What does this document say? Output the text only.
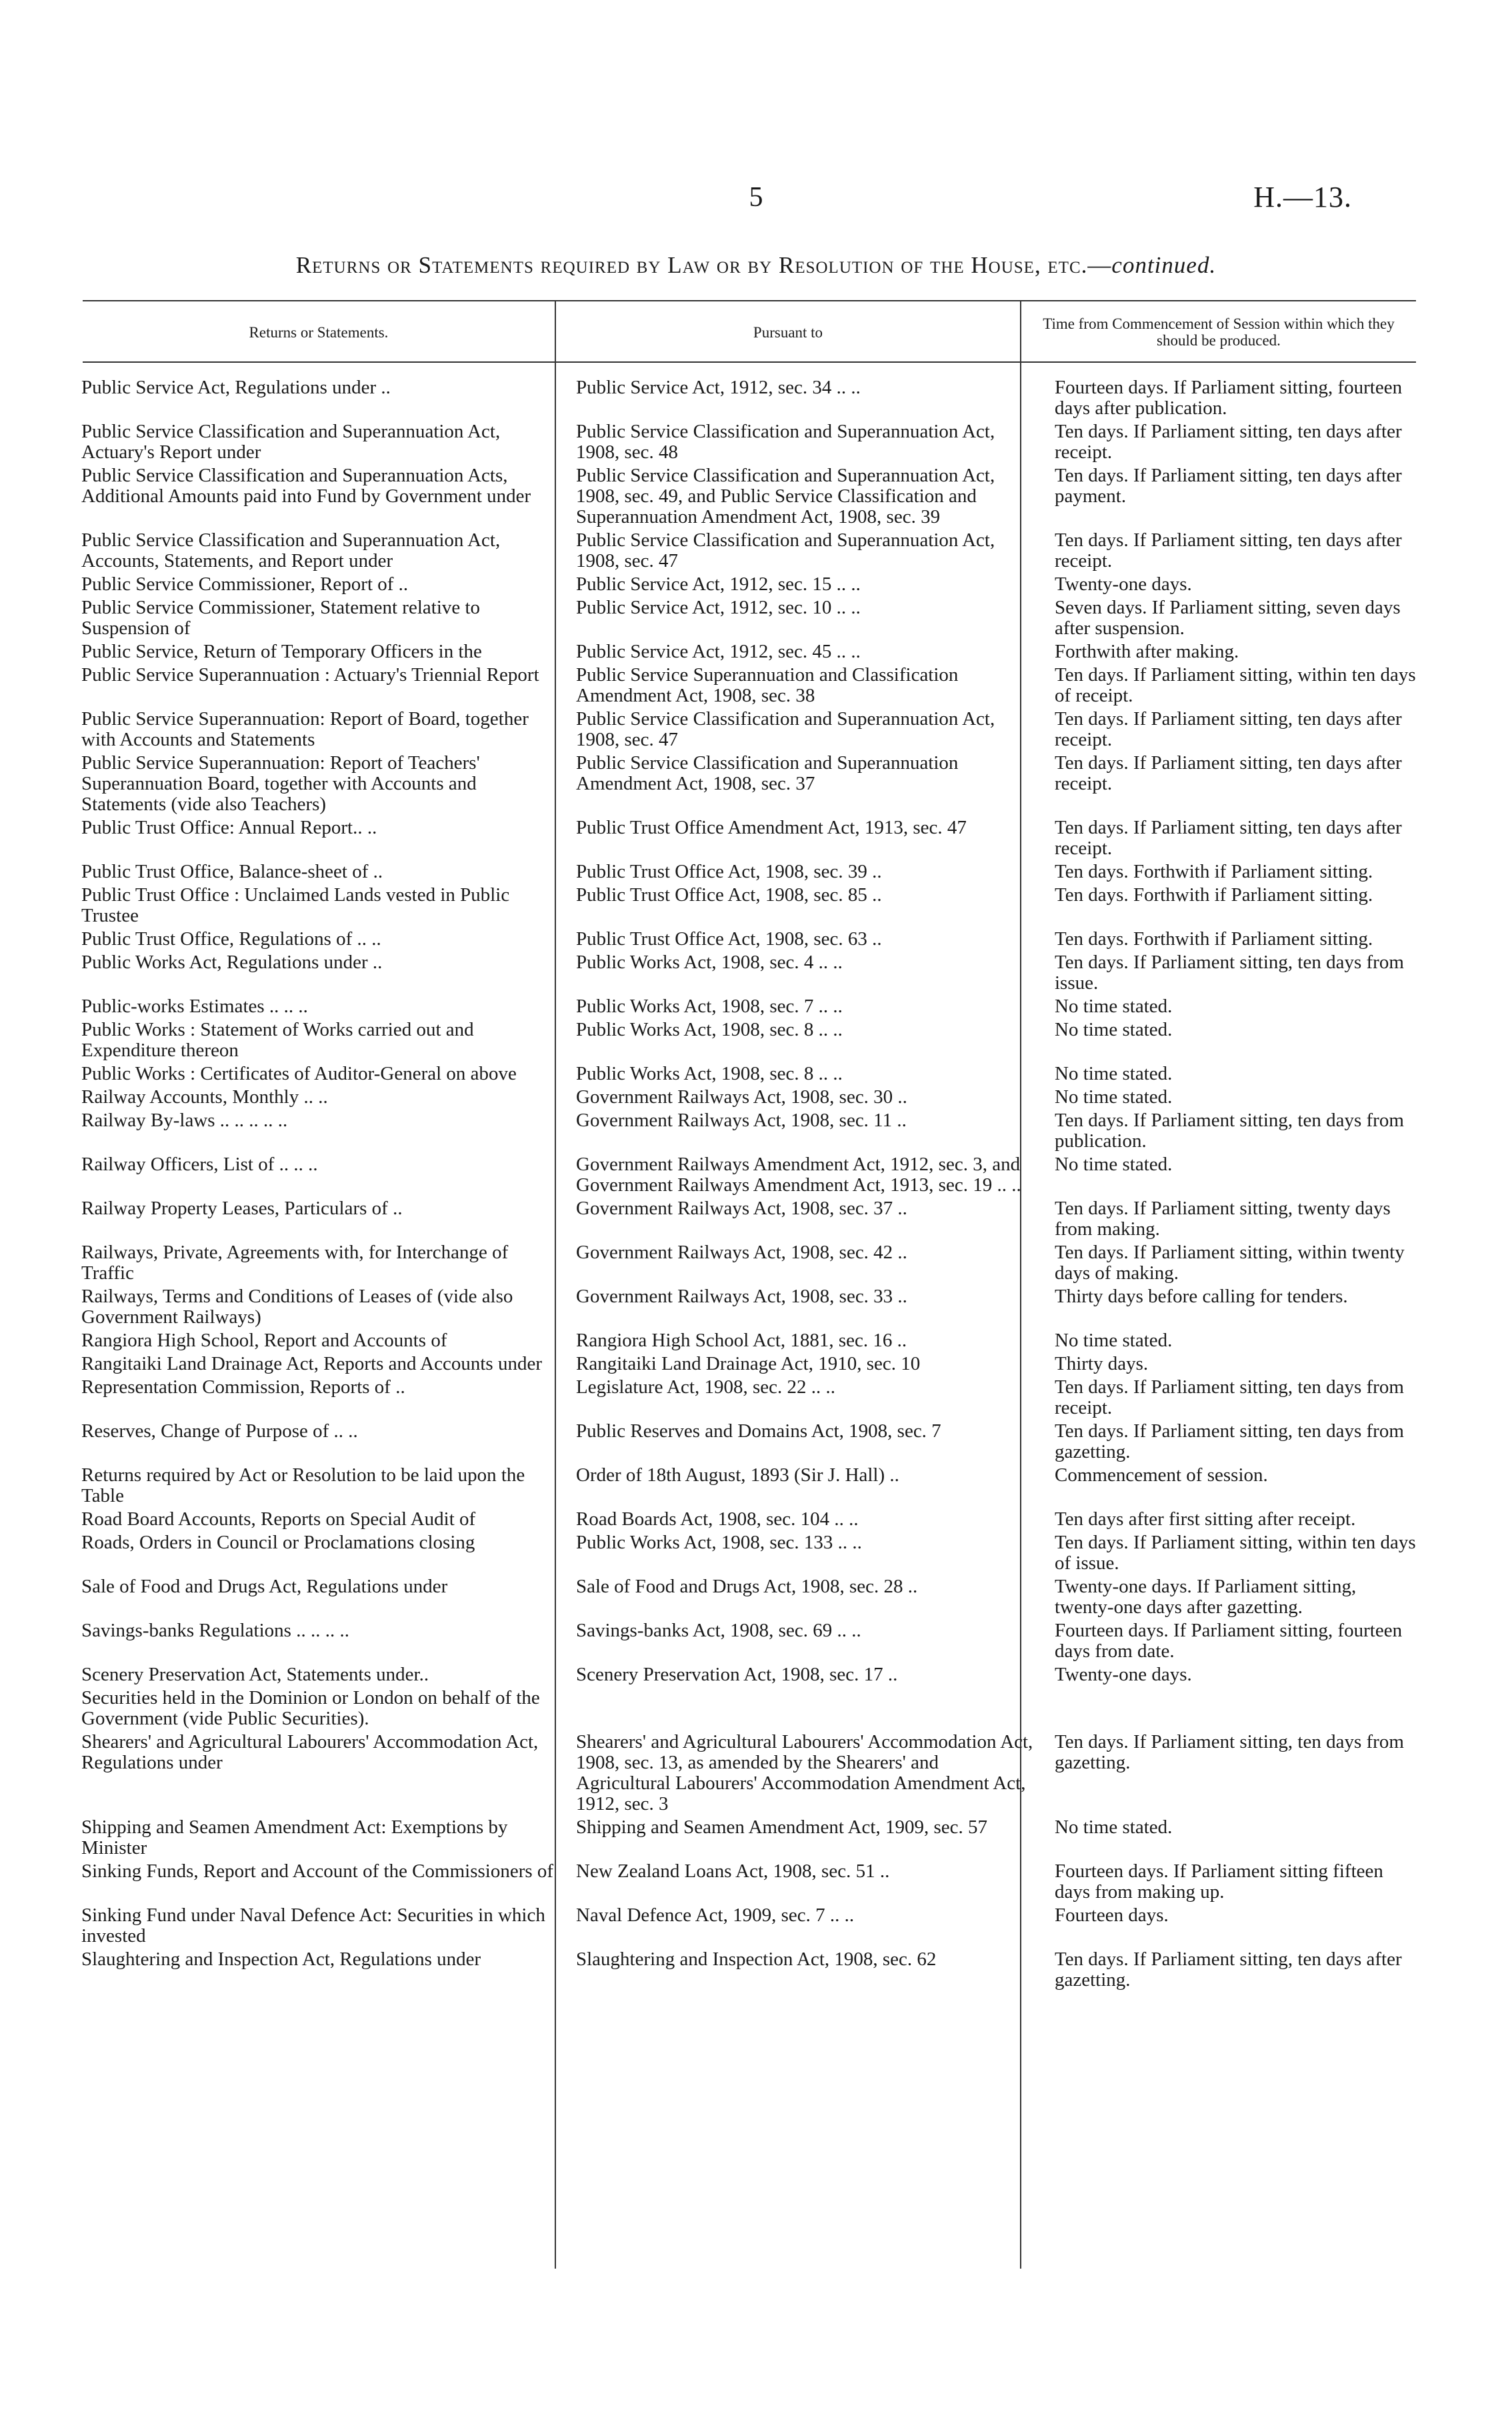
5	H.—13.
Returns or Statements required by Law or by Resolution of the House, etc.—continued.
Returns or Statements.	Pursuant to	Time from Commencement of Session within which they should be produced.
Public Service Act, Regulations under ..	Public Service Act, 1912, sec. 34 .. ..	Fourteen days. If Parliament sitting, fourteen days after publication.
Public Service Classification and Superannuation Act, Actuary's Report under	Public Service Classification and Superannuation Act, 1908, sec. 48	Ten days. If Parliament sitting, ten days after receipt.
Public Service Classification and Superannuation Acts, Additional Amounts paid into Fund by Government under	Public Service Classification and Superannuation Act, 1908, sec. 49, and Public Service Classification and Superannuation Amendment Act, 1908, sec. 39	Ten days. If Parliament sitting, ten days after payment.
Public Service Classification and Superannuation Act, Accounts, Statements, and Report under	Public Service Classification and Superannuation Act, 1908, sec. 47	Ten days. If Parliament sitting, ten days after receipt.
Public Service Commissioner, Report of ..	Public Service Act, 1912, sec. 15 .. ..	Twenty-one days.
Public Service Commissioner, Statement relative to Suspension of	Public Service Act, 1912, sec. 10 .. ..	Seven days. If Parliament sitting, seven days after suspension.
Public Service, Return of Temporary Officers in the	Public Service Act, 1912, sec. 45 .. ..	Forthwith after making.
Public Service Superannuation : Actuary's Triennial Report	Public Service Superannuation and Classification Amendment Act, 1908, sec. 38	Ten days. If Parliament sitting, within ten days of receipt.
Public Service Superannuation: Report of Board, together with Accounts and Statements	Public Service Classification and Superannuation Act, 1908, sec. 47	Ten days. If Parliament sitting, ten days after receipt.
Public Service Superannuation: Report of Teachers' Superannuation Board, together with Accounts and Statements (vide also Teachers)	Public Service Classification and Superannuation Amendment Act, 1908, sec. 37	Ten days. If Parliament sitting, ten days after receipt.
Public Trust Office: Annual Report.. ..	Public Trust Office Amendment Act, 1913, sec. 47	Ten days. If Parliament sitting, ten days after receipt.
Public Trust Office, Balance-sheet of ..	Public Trust Office Act, 1908, sec. 39 ..	Ten days. Forthwith if Parliament sitting.
Public Trust Office : Unclaimed Lands vested in Public Trustee	Public Trust Office Act, 1908, sec. 85 ..	Ten days. Forthwith if Parliament sitting.
Public Trust Office, Regulations of .. ..	Public Trust Office Act, 1908, sec. 63 ..	Ten days. Forthwith if Parliament sitting.
Public Works Act, Regulations under ..	Public Works Act, 1908, sec. 4 .. ..	Ten days. If Parliament sitting, ten days from issue.
Public-works Estimates .. .. ..	Public Works Act, 1908, sec. 7 .. ..	No time stated.
Public Works : Statement of Works carried out and Expenditure thereon	Public Works Act, 1908, sec. 8 .. ..	No time stated.
Public Works : Certificates of Auditor-General on above	Public Works Act, 1908, sec. 8 .. ..	No time stated.
Railway Accounts, Monthly .. ..	Government Railways Act, 1908, sec. 30 ..	No time stated.
Railway By-laws .. .. .. .. ..	Government Railways Act, 1908, sec. 11 ..	Ten days. If Parliament sitting, ten days from publication.
Railway Officers, List of .. .. ..	Government Railways Amendment Act, 1912, sec. 3, and Government Railways Amendment Act, 1913, sec. 19 .. ..	No time stated.
Railway Property Leases, Particulars of ..	Government Railways Act, 1908, sec. 37 ..	Ten days. If Parliament sitting, twenty days from making.
Railways, Private, Agreements with, for Interchange of Traffic	Government Railways Act, 1908, sec. 42 ..	Ten days. If Parliament sitting, within twenty days of making.
Railways, Terms and Conditions of Leases of (vide also Government Railways)	Government Railways Act, 1908, sec. 33 ..	Thirty days before calling for tenders.
Rangiora High School, Report and Accounts of	Rangiora High School Act, 1881, sec. 16 ..	No time stated.
Rangitaiki Land Drainage Act, Reports and Accounts under	Rangitaiki Land Drainage Act, 1910, sec. 10	Thirty days.
Representation Commission, Reports of ..	Legislature Act, 1908, sec. 22 .. ..	Ten days. If Parliament sitting, ten days from receipt.
Reserves, Change of Purpose of .. ..	Public Reserves and Domains Act, 1908, sec. 7	Ten days. If Parliament sitting, ten days from gazetting.
Returns required by Act or Resolution to be laid upon the Table	Order of 18th August, 1893 (Sir J. Hall) ..	Commencement of session.
Road Board Accounts, Reports on Special Audit of	Road Boards Act, 1908, sec. 104 .. ..	Ten days after first sitting after receipt.
Roads, Orders in Council or Proclamations closing	Public Works Act, 1908, sec. 133 .. ..	Ten days. If Parliament sitting, within ten days of issue.
Sale of Food and Drugs Act, Regulations under	Sale of Food and Drugs Act, 1908, sec. 28 ..	Twenty-one days. If Parliament sitting, twenty-one days after gazetting.
Savings-banks Regulations .. .. .. ..	Savings-banks Act, 1908, sec. 69 .. ..	Fourteen days. If Parliament sitting, fourteen days from date.
Scenery Preservation Act, Statements under..	Scenery Preservation Act, 1908, sec. 17 ..	Twenty-one days.
Securities held in the Dominion or London on behalf of the Government (vide Public Securities).		
Shearers' and Agricultural Labourers' Accommodation Act, Regulations under	Shearers' and Agricultural Labourers' Accommodation Act, 1908, sec. 13, as amended by the Shearers' and Agricultural Labourers' Accommodation Amendment Act, 1912, sec. 3	Ten days. If Parliament sitting, ten days from gazetting.
Shipping and Seamen Amendment Act: Exemptions by Minister	Shipping and Seamen Amendment Act, 1909, sec. 57	No time stated.
Sinking Funds, Report and Account of the Commissioners of	New Zealand Loans Act, 1908, sec. 51 ..	Fourteen days. If Parliament sitting fifteen days from making up.
Sinking Fund under Naval Defence Act: Securities in which invested	Naval Defence Act, 1909, sec. 7 .. ..	Fourteen days.
Slaughtering and Inspection Act, Regulations under	Slaughtering and Inspection Act, 1908, sec. 62	Ten days. If Parliament sitting, ten days after gazetting.
